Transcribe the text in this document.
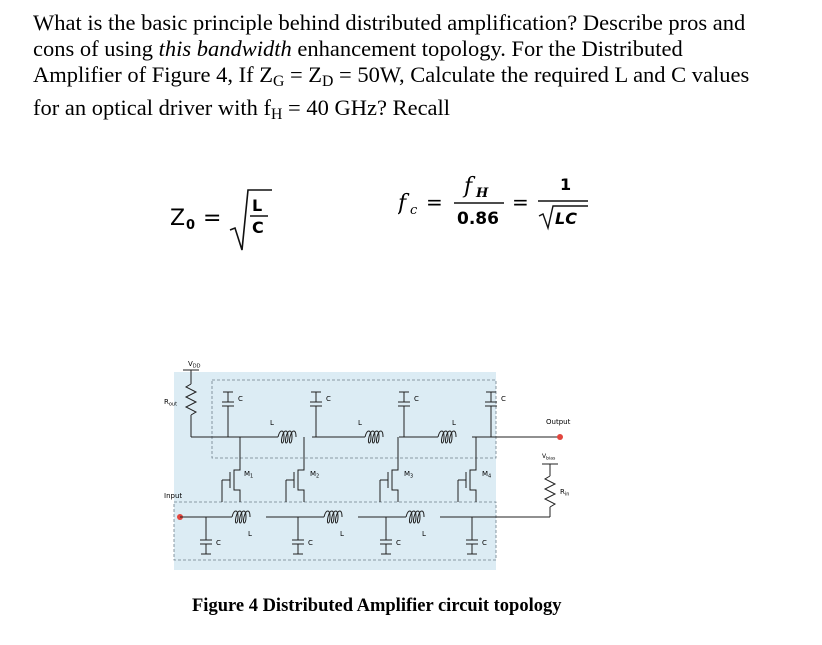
What is the basic principle behind distributed amplification? Describe pros and

cons of using this bandwidth enhancement topology. For the Distributed

Amplifier of Figure 4, If $Z_G = Z_D = 50W$, Calculate the required L and C values

for an optical driver with $f_H = 40$ GHz? Recall

Z 0 =
L
C
f c =
f H
0.86
=
1
LC
$V_{DD}$
$R_{out}$
L	L	L
C	C	C	C
Output
$M_1$	$M_2$	$M_3$	$M_4$
Input
L	L	L
C	C	C	C
$V_{bias}$
$R_{in}$
Figure 4 Distributed Amplifier circuit topology
